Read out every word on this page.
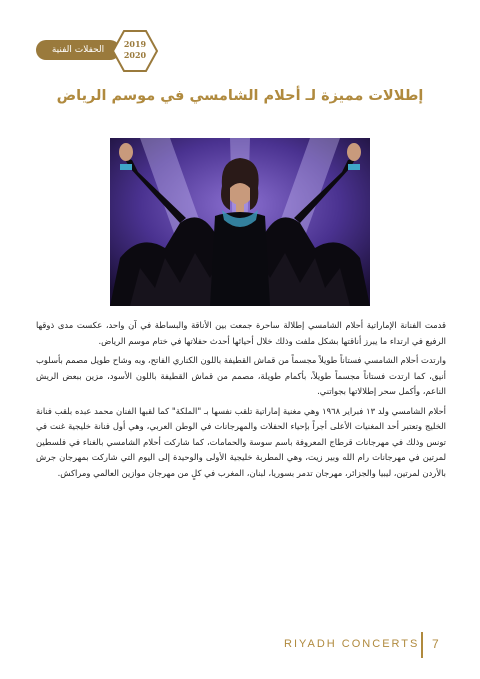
الحفلات الفنية
2019
2020
إطلالات مميزة لـ أحلام الشامسي في موسم الرياض

قدمت الفنانة الإماراتية أحلام الشامسي إطلالة ساحرة جمعت بين الأناقة والبساطة في آن واحد، عكست مدى ذوقها الرفيع في ارتداء ما يبرز أناقتها بشكل ملفت وذلك خلال أحيائها أحدث حفلاتها في ختام موسم الرياض.

وارتدت أحلام الشامسي فستاناً طويلاً مجسماً من قماش القطيفة باللون الكناري الفاتح، وبه وشاح طويل مصمم بأسلوب أنيق، كما ارتدت فستاناً مجسماً طويلاً، بأكمام طويلة، مصمم من قماش القطيفة باللون الأسود، مزين ببعض الريش الناعم، وأكمل سحر إطلالاتها بجواتني.

أحلام الشامسي ولد ١٣ فبراير ١٩٦٨ وهي مغنية إماراتية تلقب نفسها بـ "الملكة" كما لقبها الفنان محمد عبده بلقب فنانة الخليج وتعتبر أحد المغنيات الأعلى أجراً بإحياء الحفلات والمهرجانات في الوطن العربي، وهي أول فنانة خليجية غنت في تونس وذلك في مهرجانات قرطاج المعروفة باسم سوسة والحمامات، كما شاركت أحلام الشامسي بالغناء في فلسطين لمرتين في مهرجانات رام الله وبير زيت، وهي المطربة خليجية الأولى والوحيدة إلى اليوم التي شاركت بمهرجان جرش بالأردن لمرتين، ليبيا والجزائر، مهرجان تدمر بسوريا، لبنان، المغرب في كلٍ من مهرجان موازين العالمي ومراكش.

RIYADH CONCERTS 7
